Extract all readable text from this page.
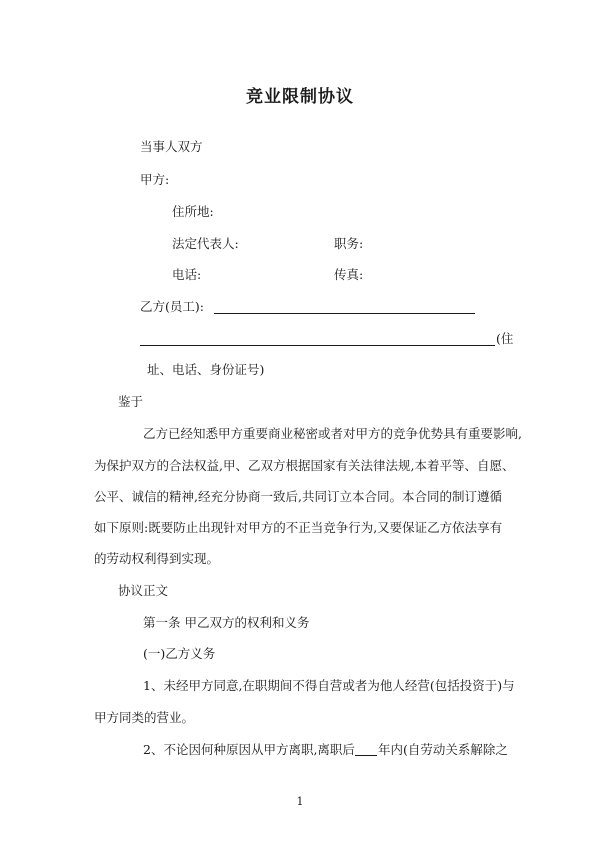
竞业限制协议
当事人双方
甲方:
住所地:
法定代表人:	职务:
电话:	传真:
乙方(员工):
(住
址、电话、身份证号)
鉴于
乙方已经知悉甲方重要商业秘密或者对甲方的竞争优势具有重要影响,
为保护双方的合法权益,甲、乙双方根据国家有关法律法规,本着平等、自愿、
公平、诚信的精神,经充分协商一致后,共同订立本合同。本合同的制订遵循
如下原则:既要防止出现针对甲方的不正当竞争行为,又要保证乙方依法享有
的劳动权利得到实现。
协议正文
第一条 甲乙双方的权利和义务
(一)乙方义务
1、未经甲方同意,在职期间不得自营或者为他人经营(包括投资于)与
甲方同类的营业。
2、不论因何种原因从甲方离职,离职后 年内(自劳动关系解除之
1
